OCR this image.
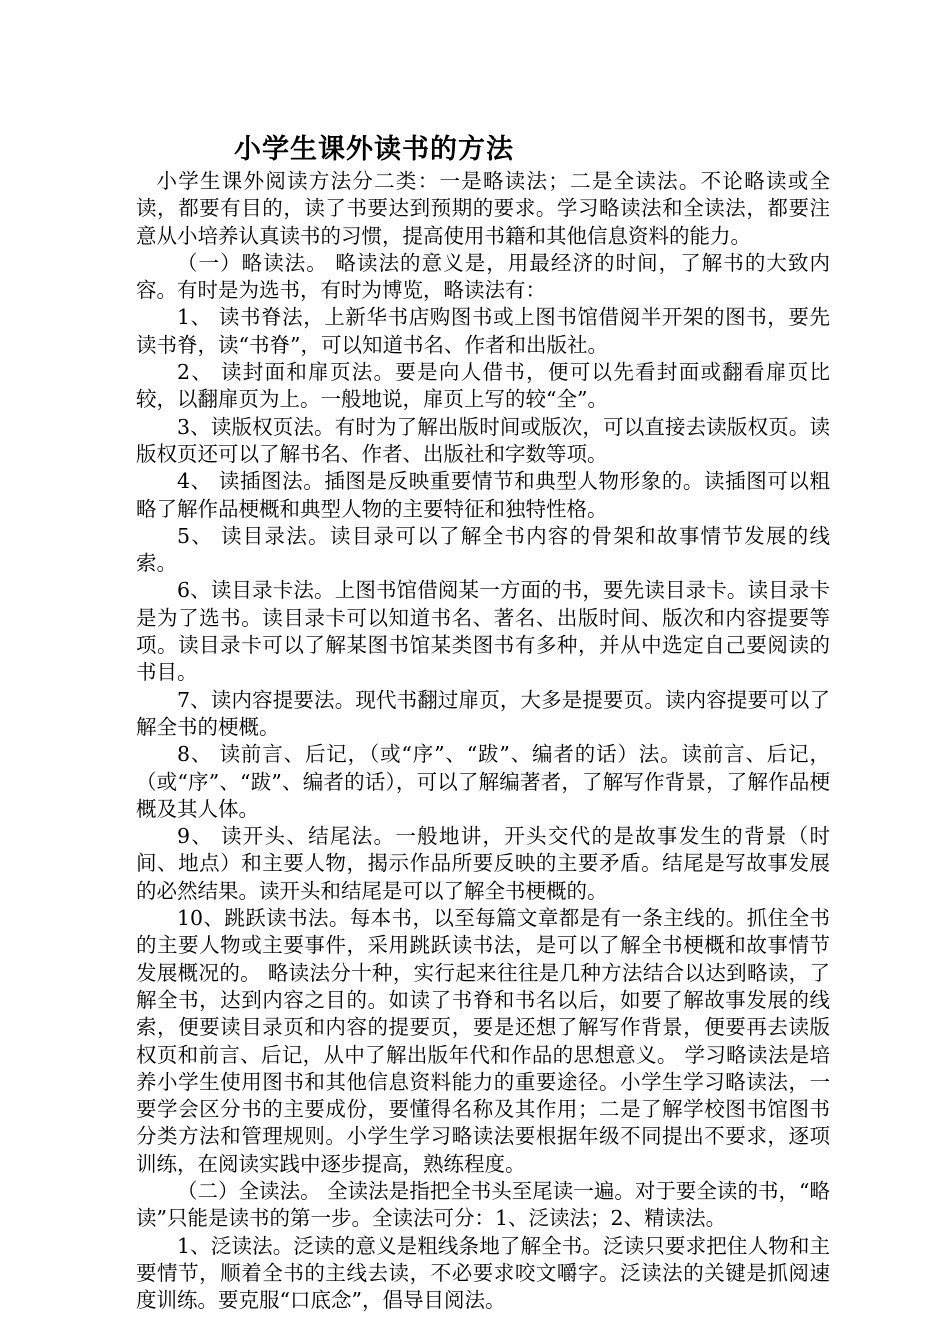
小学生课外读书的方法

小学生课外阅读方法分二类：一是略读法；二是全读法。不论略读或全读，都要有目的，读了书要达到预期的要求。学习略读法和全读法，都要注意从小培养认真读书的习惯，提高使用书籍和其他信息资料的能力。

（一）略读法。 略读法的意义是，用最经济的时间，了解书的大致内容。有时是为选书，有时为博览，略读法有：

1、 读书脊法，上新华书店购图书或上图书馆借阅半开架的图书，要先读书脊，读“书脊”，可以知道书名、作者和出版社。

2、 读封面和扉页法。要是向人借书，便可以先看封面或翻看扉页比较，以翻扉页为上。一般地说，扉页上写的较“全”。

3、读版权页法。有时为了解出版时间或版次，可以直接去读版权页。读版权页还可以了解书名、作者、出版社和字数等项。

4、 读插图法。插图是反映重要情节和典型人物形象的。读插图可以粗略了解作品梗概和典型人物的主要特征和独特性格。

5、 读目录法。读目录可以了解全书内容的骨架和故事情节发展的线索。

6、读目录卡法。上图书馆借阅某一方面的书，要先读目录卡。读目录卡是为了选书。读目录卡可以知道书名、著名、出版时间、版次和内容提要等项。读目录卡可以了解某图书馆某类图书有多种，并从中选定自己要阅读的书目。

7、读内容提要法。现代书翻过扉页，大多是提要页。读内容提要可以了解全书的梗概。

8、 读前言、后记，（或“序”、“跋”、编者的话）法。读前言、后记，（或“序”、“跋”、编者的话），可以了解编著者，了解写作背景，了解作品梗概及其人体。

9、 读开头、结尾法。一般地讲，开头交代的是故事发生的背景（时间、地点）和主要人物，揭示作品所要反映的主要矛盾。结尾是写故事发展的必然结果。读开头和结尾是可以了解全书梗概的。

10、跳跃读书法。每本书，以至每篇文章都是有一条主线的。抓住全书的主要人物或主要事件，采用跳跃读书法，是可以了解全书梗概和故事情节发展概况的。 略读法分十种，实行起来往往是几种方法结合以达到略读，了解全书，达到内容之目的。如读了书脊和书名以后，如要了解故事发展的线索，便要读目录页和内容的提要页，要是还想了解写作背景，便要再去读版权页和前言、后记，从中了解出版年代和作品的思想意义。 学习略读法是培养小学生使用图书和其他信息资料能力的重要途径。小学生学习略读法，一要学会区分书的主要成份，要懂得名称及其作用；二是了解学校图书馆图书分类方法和管理规则。小学生学习略读法要根据年级不同提出不要求，逐项训练，在阅读实践中逐步提高，熟练程度。

（二）全读法。 全读法是指把全书头至尾读一遍。对于要全读的书，“略读”只能是读书的第一步。全读法可分：1、泛读法；2、精读法。

1、泛读法。泛读的意义是粗线条地了解全书。泛读只要求把住人物和主要情节，顺着全书的主线去读，不必要求咬文嚼字。泛读法的关键是抓阅速度训练。要克服“口底念”，倡导目阅法。
